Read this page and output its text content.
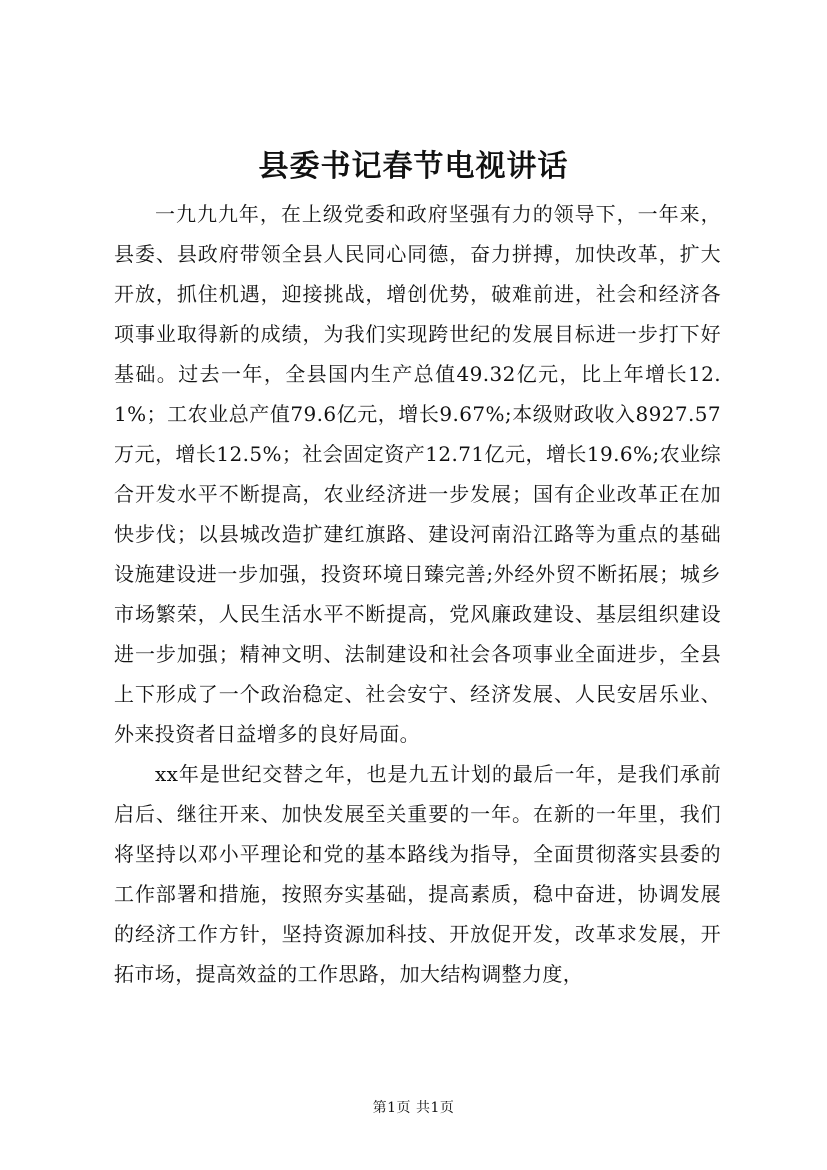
县委书记春节电视讲话

一九九九年，在上级党委和政府坚强有力的领导下，一年来，县委、县政府带领全县人民同心同德，奋力拼搏，加快改革，扩大开放，抓住机遇，迎接挑战，增创优势，破难前进，社会和经济各项事业取得新的成绩，为我们实现跨世纪的发展目标进一步打下好基础。过去一年，全县国内生产总值49.32亿元，比上年增长12.1%；工农业总产值79.6亿元，增长9.67%;本级财政收入8927.57万元，增长12.5%；社会固定资产12.71亿元，增长19.6%;农业综合开发水平不断提高，农业经济进一步发展；国有企业改革正在加快步伐；以县城改造扩建红旗路、建设河南沿江路等为重点的基础设施建设进一步加强，投资环境日臻完善;外经外贸不断拓展；城乡市场繁荣，人民生活水平不断提高，党风廉政建设、基层组织建设进一步加强；精神文明、法制建设和社会各项事业全面进步，全县上下形成了一个政治稳定、社会安宁、经济发展、人民安居乐业、外来投资者日益增多的良好局面。

xx年是世纪交替之年，也是九五计划的最后一年，是我们承前启后、继往开来、加快发展至关重要的一年。在新的一年里，我们将坚持以邓小平理论和党的基本路线为指导，全面贯彻落实县委的工作部署和措施，按照夯实基础，提高素质，稳中奋进，协调发展的经济工作方针，坚持资源加科技、开放促开发，改革求发展，开拓市场，提高效益的工作思路，加大结构调整力度，

第1页 共1页
